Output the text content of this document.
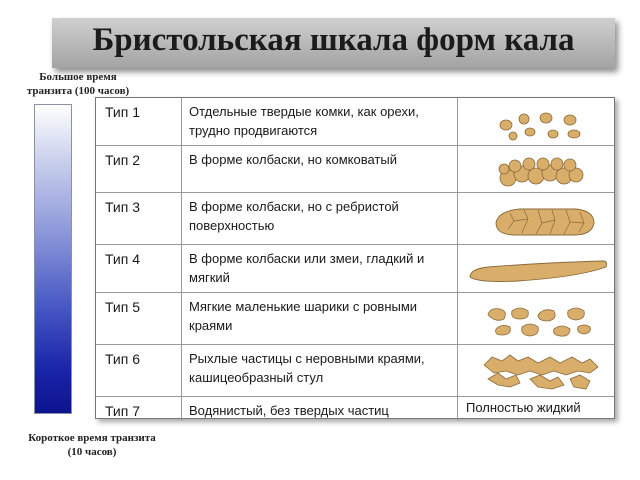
Бристольская шкала форм кала
Большое время
транзита (100 часов)
Короткое время транзита
(10 часов)
Тип 1	Отдельные твердые комки, как орехи, трудно продвигаются
Тип 2	В форме колбаски, но комковатый
Тип 3	В форме колбаски, но с ребристой поверхностью
Тип 4	В форме колбаски или змеи, гладкий и мягкий
Тип 5	Мягкие маленькие шарики с ровными краями
Тип 6	Рыхлые частицы с неровными краями, кашицеобразный стул
Тип 7	Водянистый, без твердых частиц	Полностью жидкий
